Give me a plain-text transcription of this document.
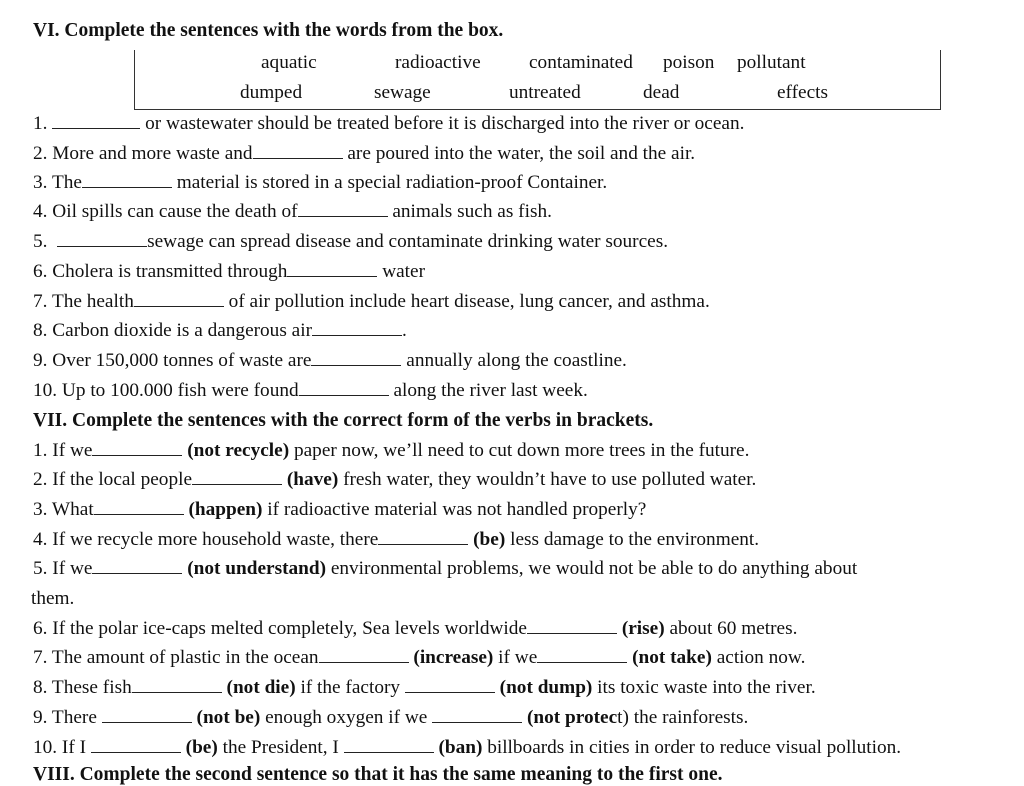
VI. Complete the sentences with the words from the box.
aquatic	radioactive	contaminated poison pollutant
dumped	sewage	untreated	dead	effects
1.	or wastewater should be treated before it is discharged into the river or ocean.
2. More and more waste and	are poured into the water, the soil and the air.
3. The	material is stored in a special radiation-proof Container.
4. Oil spills can cause the death of	animals such as fish.
5.	sewage can spread disease and contaminate drinking water sources.
6. Cholera is transmitted through	water
7. The health	of air pollution include heart disease, lung cancer, and asthma.
8. Carbon dioxide is a dangerous air	.
9. Over 150,000 tonnes of waste are	annually along the coastline.
10. Up to 100.000 fish were found	along the river last week.
VII. Complete the sentences with the correct form of the verbs in brackets.
1. If we	(not recycle) paper now, we’ll need to cut down more trees in the future.
2. If the local people	(have) fresh water, they wouldn’t have to use polluted water.
3. What	(happen) if radioactive material was not handled properly?
4. If we recycle more household waste, there	(be) less damage to the environment.
5. If we	(not understand) environmental problems, we would not be able to do anything about
them.
6. If the polar ice-caps melted completely, Sea levels worldwide	(rise) about 60 metres.
7. The amount of plastic in the ocean	(increase) if we	(not take) action now.
8. These fish	(not die) if the factory	(not dump) its toxic waste into the river.
9. There	(not be) enough oxygen if we	(not protect) the rainforests.
10. If I	(be) the President, I	(ban) billboards in cities in order to reduce visual pollution.
VIII. Complete the second sentence so that it has the same meaning to the first one.
